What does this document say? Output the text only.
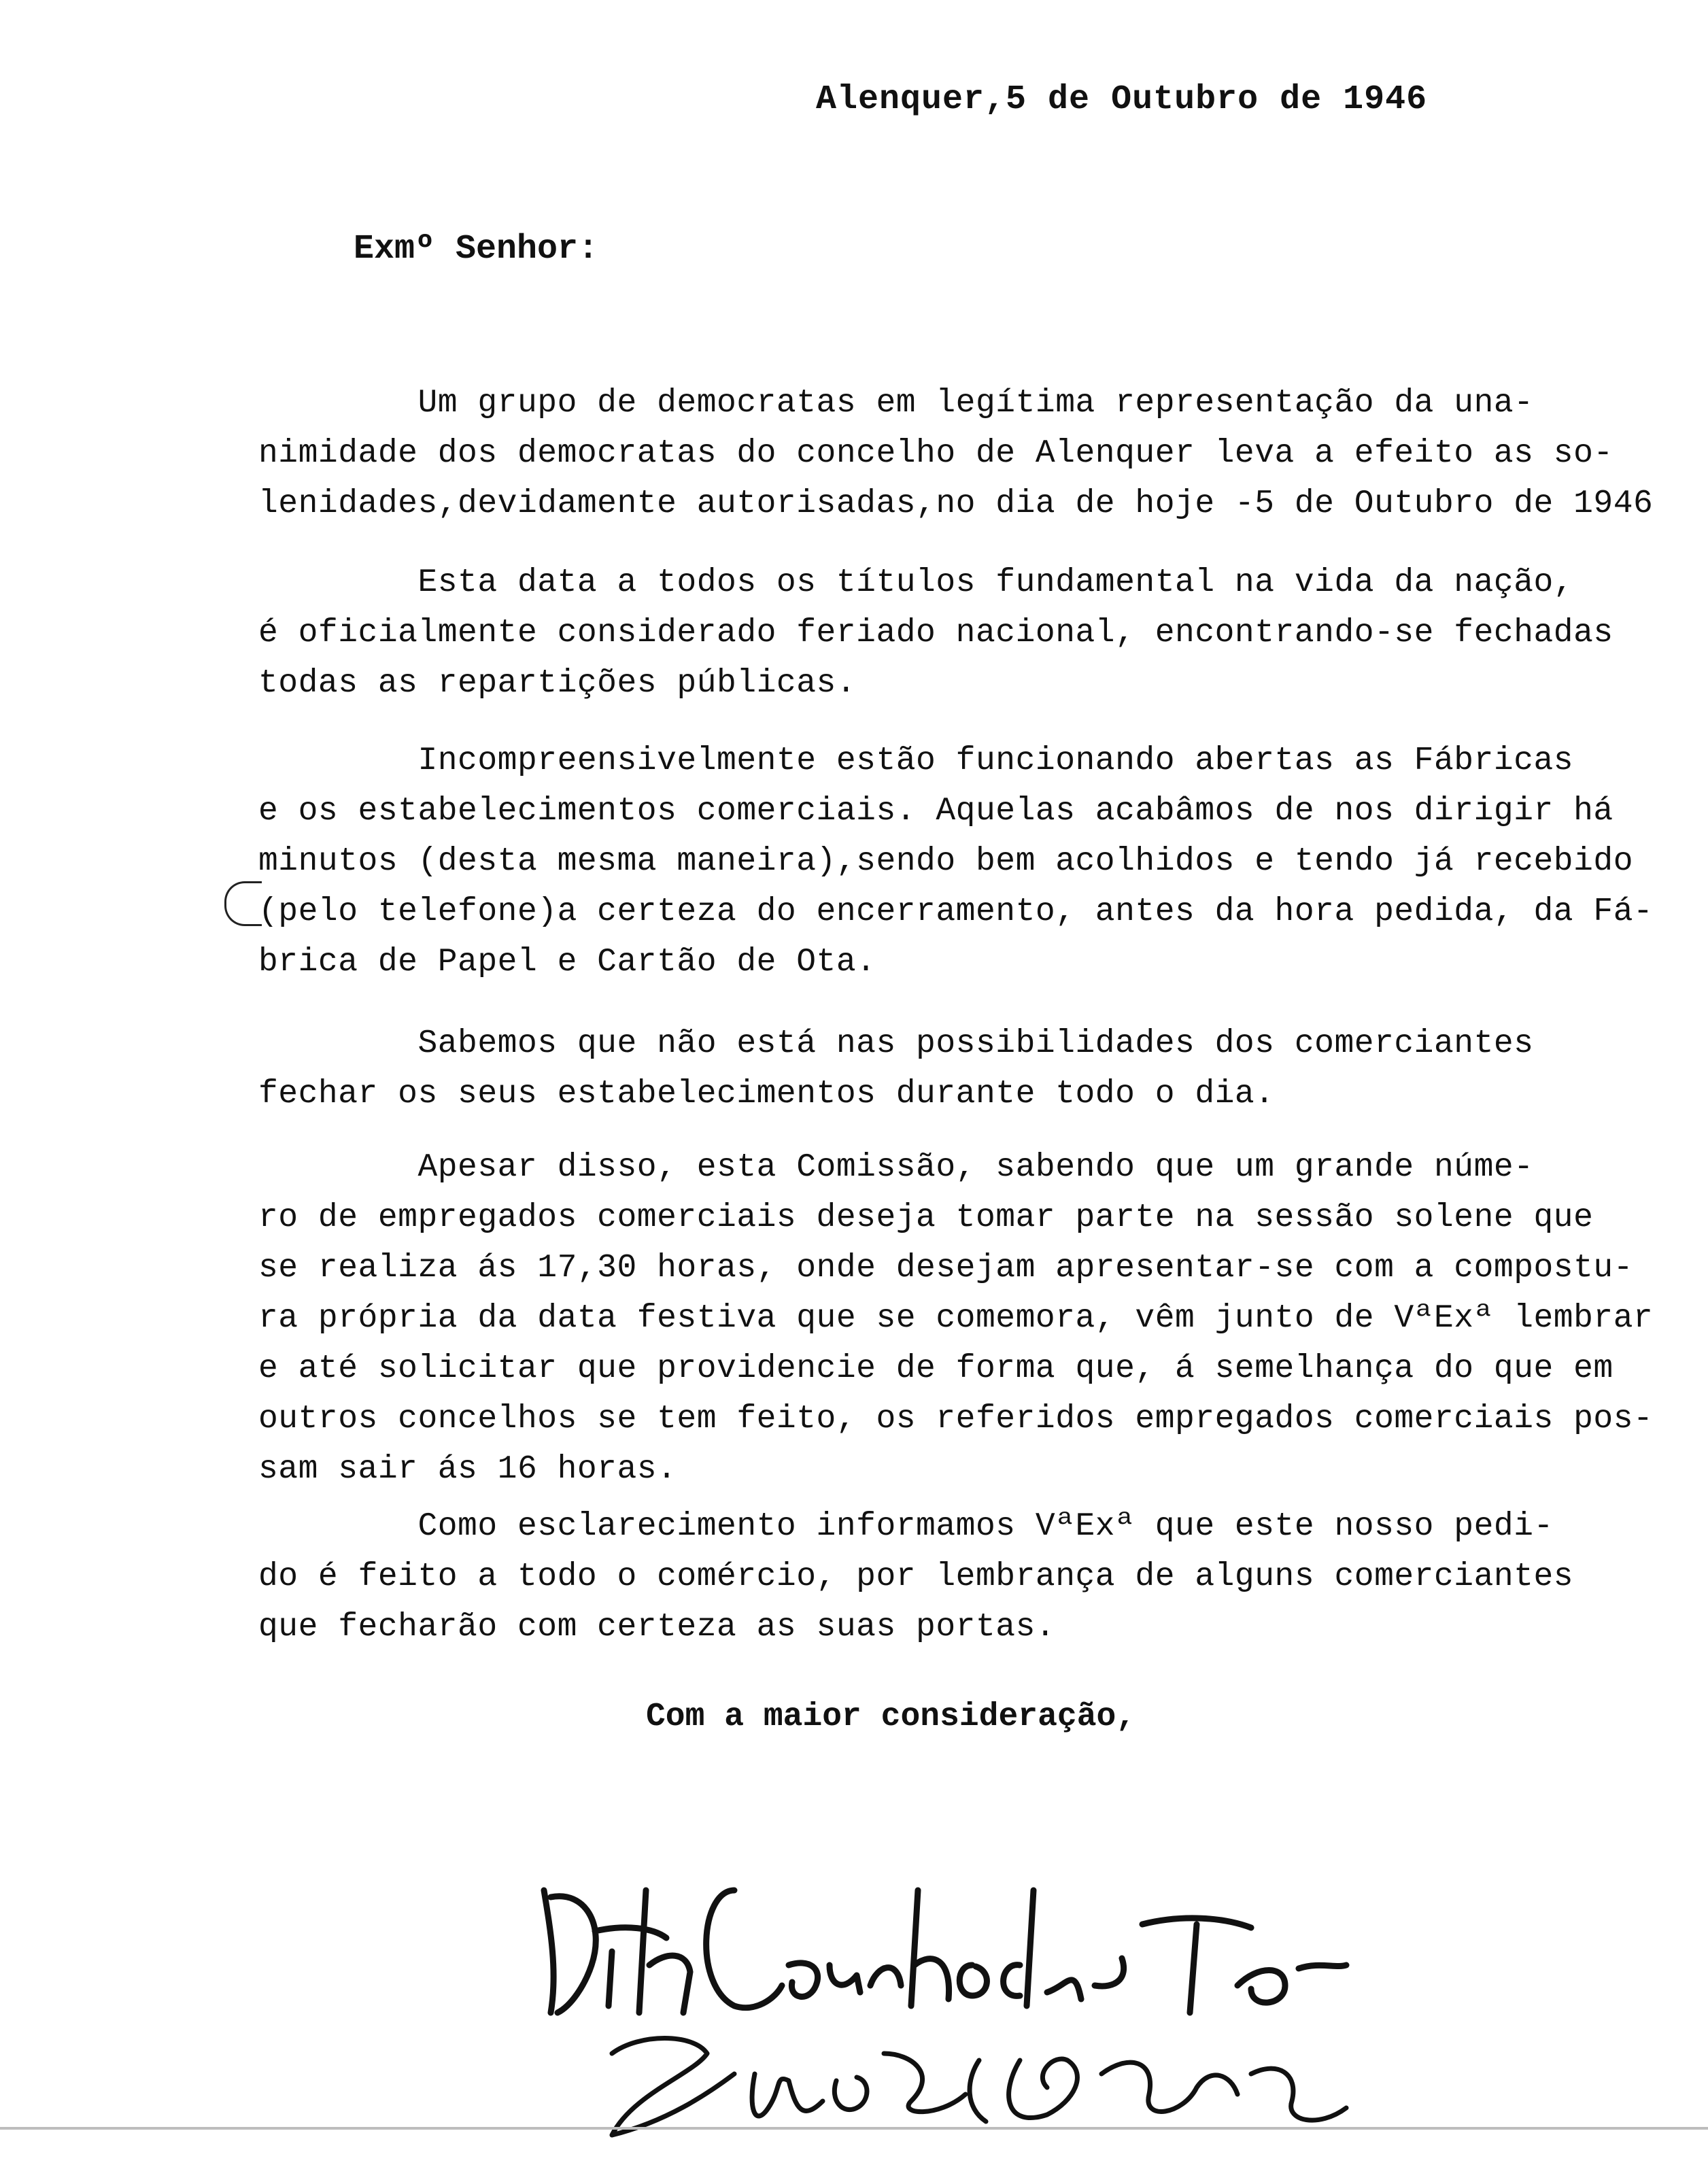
Alenquer,5 de Outubro de 1946
Exmº Senhor:
Um grupo de democratas em legítima representação da una-
nimidade dos democratas do concelho de Alenquer leva a efeito as so-
lenidades,devidamente autorisadas,no dia de hoje -5 de Outubro de 1946
Esta data a todos os títulos fundamental na vida da nação,
é oficialmente considerado feriado nacional, encontrando-se fechadas
todas as repartições públicas.
Incompreensivelmente estão funcionando abertas as Fábricas
e os estabelecimentos comerciais. Aquelas acabâmos de nos dirigir há
minutos (desta mesma maneira),sendo bem acolhidos e tendo já recebido
(pelo telefone)a certeza do encerramento, antes da hora pedida, da Fá-
brica de Papel e Cartão de Ota.
Sabemos que não está nas possibilidades dos comerciantes
fechar os seus estabelecimentos durante todo o dia.
Apesar disso, esta Comissão, sabendo que um grande núme-
ro de empregados comerciais deseja tomar parte na sessão solene que
se realiza ás 17,30 horas, onde desejam apresentar-se com a compostu-
ra própria da data festiva que se comemora, vêm junto de VªExª lembrar
e até solicitar que providencie de forma que, á semelhança do que em
outros concelhos se tem feito, os referidos empregados comerciais pos-
sam sair ás 16 horas.
Como esclarecimento informamos VªExª que este nosso pedi-
do é feito a todo o comércio, por lembrança de alguns comerciantes
que fecharão com certeza as suas portas.
Com a maior consideração,
